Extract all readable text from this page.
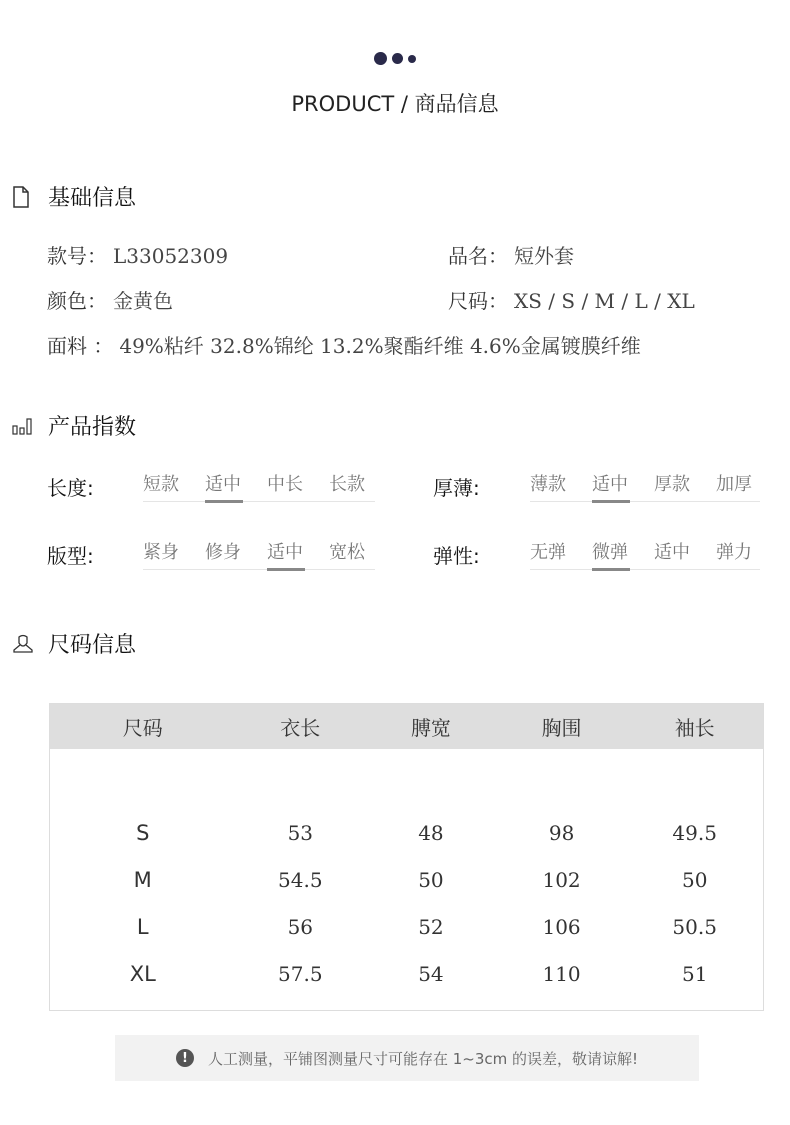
PRODUCT / 商品信息
基础信息
款号： L33052309	品名： 短外套
颜色： 金黄色	尺码： XS / S / M / L / XL
面料 ： 49%粘纤 32.8%锦纶 13.2%聚酯纤维 4.6%金属镀膜纤维
产品指数
长度:	短款	适中	中长	长款	厚薄:	薄款	适中	厚款	加厚
版型:	紧身	修身	适中	宽松	弹性:	无弹	微弹	适中	弹力
尺码信息
尺码	衣长	膊宽	胸围	袖长
S	53	48	98	49.5
M	54.5	50	102	50
L	56	52	106	50.5
XL	57.5	54	110	51
!	人工测量，平铺图测量尺寸可能存在 1~3cm 的误差，敬请谅解!
